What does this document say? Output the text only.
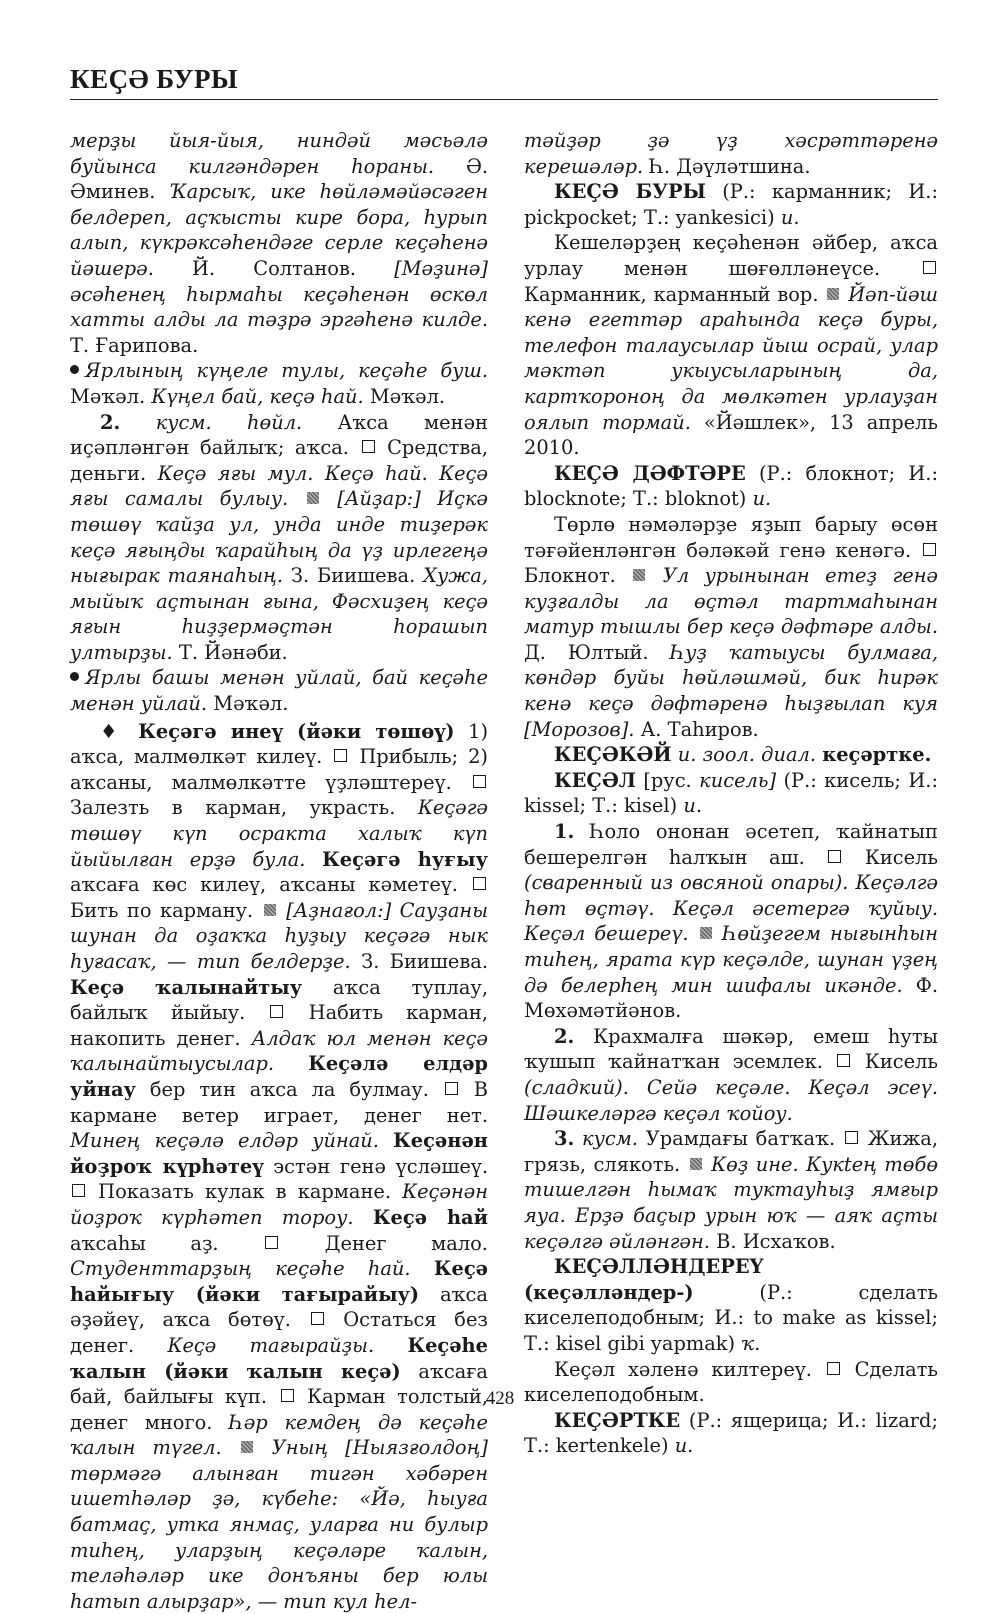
КЕҪӘ БУРЫ

мерҙы йыя-йыя, ниндәй мәсьәлә буйынса килгәндәрен һораны. Ә. Әминев. Ҡарсыҡ, ике һөйләмәйәсәген белдереп, аҫҡысты кире бора, һурып алып, күкрәксәһендәге серле кеҫәһенә йәшерә. Й. Солтанов. [Мәҙинә] әсәһенең һырмаһы кеҫәһенән өскөл хатты алды ла тәҙрә эргәһенә килде. Т. Ғарипова.
Ярлының күңеле тулы, кеҫәһе буш. Мәҡәл. Күңел бай, кеҫә һай. Мәҡәл.

2. кусм. һөйл. Аҡса менән иҫәпләнгән байлыҡ; аҡса. Средства, деньги. Кеҫә яғы мул. Кеҫә һай. Кеҫә яғы самалы булыу.	[Айҙар:] Иҫкә төшөү ҡайҙа ул, унда инде тиҙерәк кеҫә яғыңды ҡарайһың да үҙ ирлегеңә нығырак таянаһың. З. Биишева. Хужа, мыйыҡ аҫтынан ғына, Фәсхиҙең кеҫә яғын һиҙҙермәҫтән һорашып ултырҙы. Т. Йәнәби.
Ярлы башы менән уйлай, бай кеҫәһе менән уйлай. Мәҡәл.

♦ Кеҫәгә инеү (йәки төшөү) 1) аҡса, малмөлкәт килеү. Прибыль; 2) аҡсаны, малмөлкәтте үҙләштереү.  Залезть в карман, украсть. Кеҫәгә төшөү күп осрактa халыҡ күп йыйылған ерҙә була. Кеҫәгә һуғыу аҡсаға көс килеү, аҡсаны кәметеү.  Бить по карману. [Аҙнағол:] Сауҙаны шунан да оҙаҡҡа һуҙыу кеҫәгә нык һуғасаҡ, — тип белдерҙе. З. Биишева. Кеҫә ҡалынайтыу аҡса туплау, байлыҡ йыйыу.	Набить карман, накопить денег. Алдаҡ юл менән кеҫә ҡалынайтыусылар. Кеҫәлә елдәр уйнау бер тин аҡса ла булмау. В кармане ветер играет, денег нет. Минең кеҫәлә елдәр уйнай. Кеҫәнән йоҙроҡ күрһәтеү эстән генә үсләшеү.  Показать кулак в кармане. Кеҫәнән йоҙроҡ күрһәтеп тороу. Кеҫә һай аҡсаһы аҙ.	Денег мало. Студенттарҙың кеҫәһе һай. Кеҫә һайығыу (йәки тағырайыу) аҡса әҙәйеү, аҡса бөтөү.	Остаться без денег. Кеҫә тағырайҙы. Кеҫәһе ҡалын (йәки ҡалын кеҫә) аҡсаға бай, байлығы күп. Карман толстый, денег много. Һәр кемдең дә кеҫәһе ҡалын түгел.	Уның [Ныязғолдоң] төрмәгә алынған тигән хәбәрен ишетһәләр ҙә, күбеһе: «Йә, һыуға батмаҫ, утка янмаҫ, уларға ни булыр тиһең, уларҙың кеҫәләре ҡалын, теләһәләр ике донъяны бер юлы һатып алырҙар», — тип кул һел-

тәйҙәр ҙә үҙ хәсрәттәренә керешәләр. Һ. Дәүләтшина.

КЕҪӘ БУРЫ (Р.: карманник; И.: pickpocket; Т.: yankesici) и.

Кешеләрҙең кеҫәһенән әйбер, аҡса урлау менән шөғөлләнеүсе.  Карманник, карманный вор. Йәп-йәш кенә егеттәр араһында кеҫә буры, телефон талаусылар йыш осрай, улар мәктәп укыусыларының да, картҡороноң да мөлкәтен урлауҙан оялып тормай. «Йәшлек», 13 апрель 2010.

КЕҪӘ ДӘФТӘРЕ (Р.: блокнот; И.: blocknote; Т.: bloknot) и.

Төрлө нәмәләрҙе яҙып барыу өсөн тәғәйенләнгән бәләкәй генә кенәгә.  Блокнот. Ул урынынан етеҙ генә куҙғалды ла өҫтәл тартмаһынан матур тышлы бер кеҫә дәфтәре алды. Д. Юлтый. Һуҙ ҡатыусы булмаға, көндәр буйы һөйләшмәй, бик һирәк кенә кеҫә дәфтәренә һыҙғылап куя [Морозов]. А. Таһиров.

КЕҪӘКӘЙ и. зоол. диал. кеҫәртке.

КЕҪӘЛ [рус. кисель] (Р.: кисель; И.: kissel; Т.: kisel) и.

1. Һоло ононан әсетеп, ҡайнатып бешерелгән һалҡын аш.	Кисель (сваренный из овсяной опары). Кеҫәлгә һөт өҫтәү. Кеҫәл әсетергә ҡуйыу. Кеҫәл бешереү. Һөйҙегем нығынһын тиһең, ярата күр кеҫәлде, шунан үҙең дә белерһең мин шифалы икәнде. Ф. Мөхәмәтйәнов.

2. Крахмалға шәкәр, емеш һуты ҡушып ҡайнатҡан эсемлек. Кисель (сладкий). Сейә кеҫәле. Кеҫәл эсеү. Шәшкеләргә кеҫәл ҡойоу.

3. кусм. Урамдағы батҡаҡ. Жижа, грязь, слякоть. Көҙ ине. Кукteң төбө тишелгән һымаҡ туктауһыҙ ямғыр яуа. Ерҙә баҫыр урын юҡ — аяҡ аҫты кеҫәлгә әйләнгән. В. Исхаҡов.

КЕҪӘЛЛӘНДЕРЕҮ (кеҫәлләндер-)	(Р.: сделать киселеподобным; И.: to make as kissel; Т.: kisel gibi yapmak) ҡ.

Кеҫәл хәленә килтереү. Сделать киселеподобным.

КЕҪӘРТКЕ (Р.: ящерица; И.: lizard; Т.: kertenkele) и.

428
